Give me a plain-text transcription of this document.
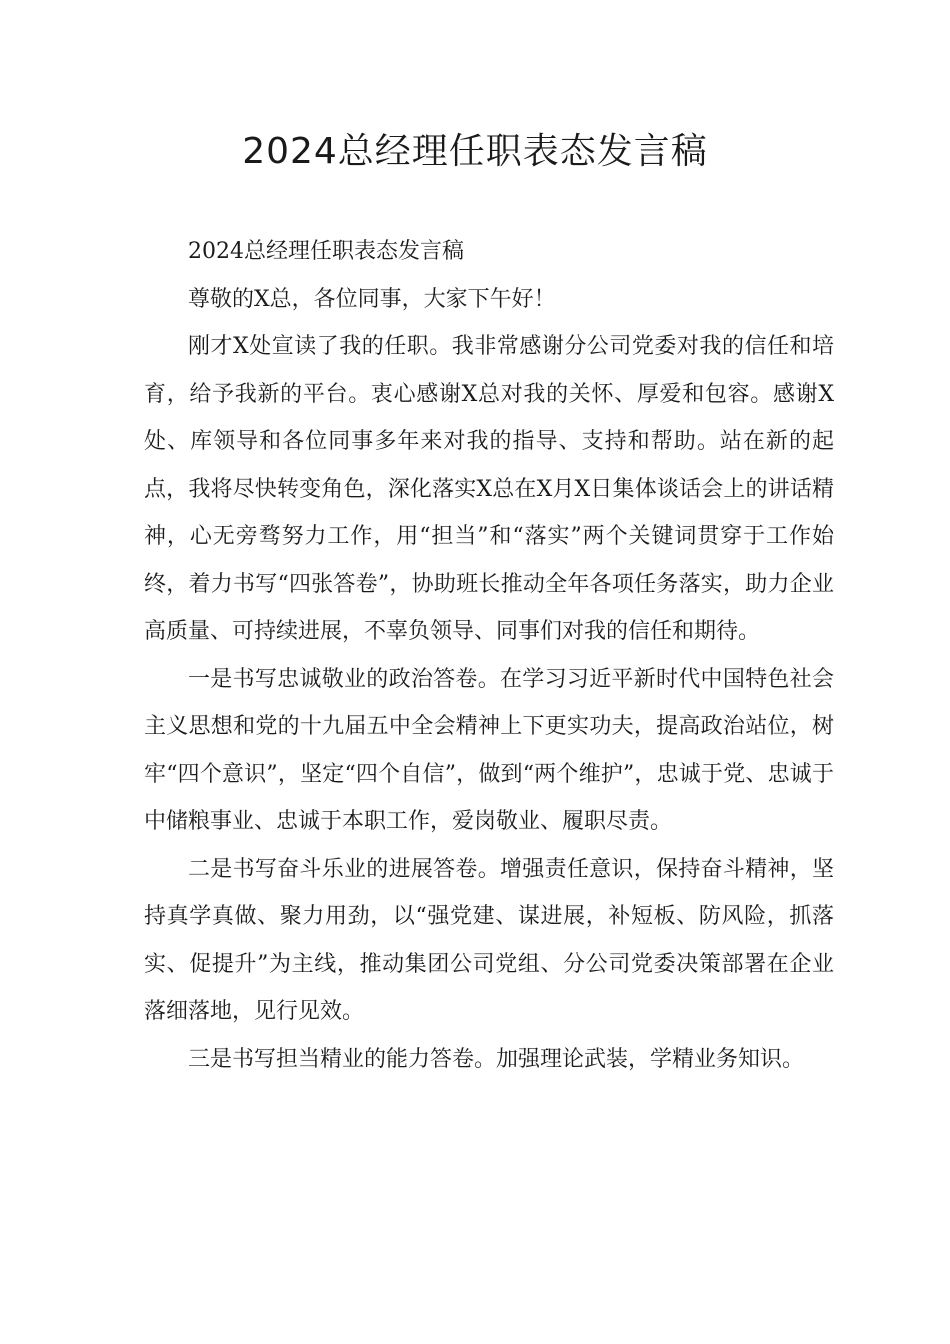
2024总经理任职表态发言稿

2024总经理任职表态发言稿

尊敬的X总，各位同事，大家下午好！

刚才X处宣读了我的任职。我非常感谢分公司党委对我的信任和培育，给予我新的平台。衷心感谢X总对我的关怀、厚爱和包容。感谢X处、库领导和各位同事多年来对我的指导、支持和帮助。站在新的起点，我将尽快转变角色，深化落实X总在X月X日集体谈话会上的讲话精神，心无旁骛努力工作，用“担当”和“落实”两个关键词贯穿于工作始终，着力书写“四张答卷”，协助班长推动全年各项任务落实，助力企业高质量、可持续进展，不辜负领导、同事们对我的信任和期待。

一是书写忠诚敬业的政治答卷。在学习习近平新时代中国特色社会主义思想和党的十九届五中全会精神上下更实功夫，提高政治站位，树牢“四个意识”，坚定“四个自信”，做到“两个维护”，忠诚于党、忠诚于中储粮事业、忠诚于本职工作，爱岗敬业、履职尽责。

二是书写奋斗乐业的进展答卷。增强责任意识，保持奋斗精神，坚持真学真做、聚力用劲，以“强党建、谋进展，补短板、防风险，抓落实、促提升”为主线，推动集团公司党组、分公司党委决策部署在企业落细落地，见行见效。

三是书写担当精业的能力答卷。加强理论武装，学精业务知识。
